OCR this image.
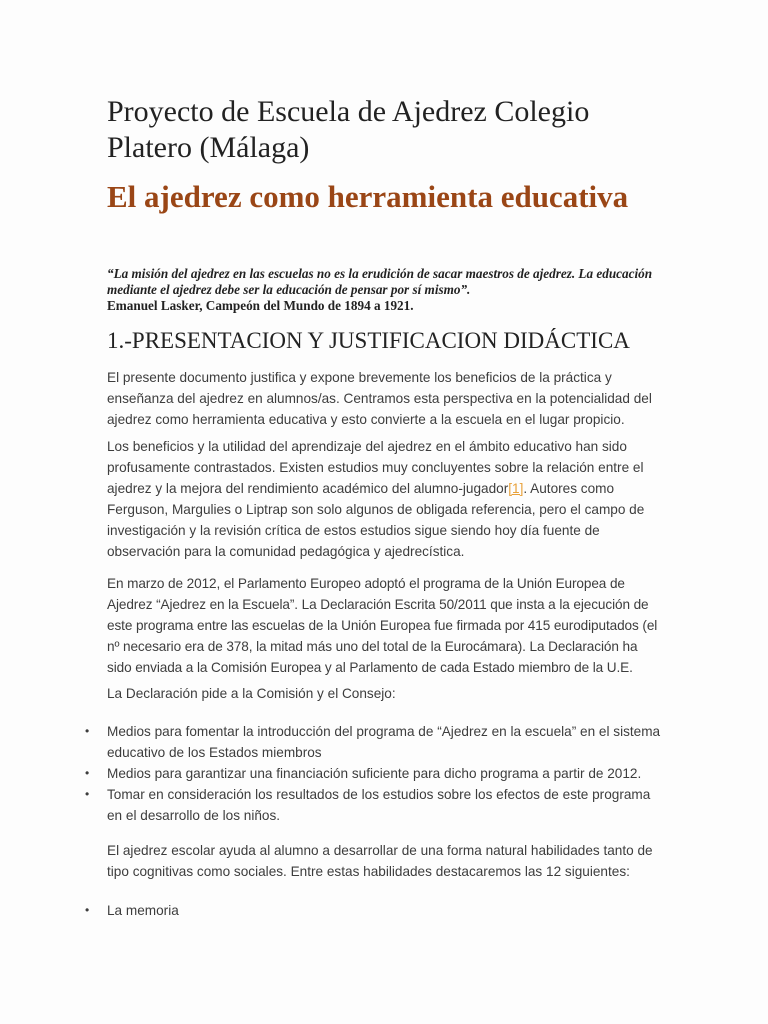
Proyecto de Escuela de Ajedrez Colegio Platero (Málaga)
El ajedrez como herramienta educativa
“La misión del ajedrez en las escuelas no es la erudición de sacar maestros de ajedrez. La educación mediante el ajedrez debe ser la educación de pensar por sí mismo”.
Emanuel Lasker, Campeón del Mundo de 1894 a 1921.
1.-PRESENTACION Y JUSTIFICACION DIDÁCTICA

El presente documento justifica y expone brevemente los beneficios de la práctica y enseñanza del ajedrez en alumnos/as. Centramos esta perspectiva en la potencialidad del ajedrez como herramienta educativa y esto convierte a la escuela en el lugar propicio.

Los beneficios y la utilidad del aprendizaje del ajedrez en el ámbito educativo han sido profusamente contrastados. Existen estudios muy concluyentes sobre la relación entre el ajedrez y la mejora del rendimiento académico del alumno-jugador[1]. Autores como Ferguson, Margulies o Liptrap son solo algunos de obligada referencia, pero el campo de investigación y la revisión crítica de estos estudios sigue siendo hoy día fuente de observación para la comunidad pedagógica y ajedrecística.

En marzo de 2012, el Parlamento Europeo adoptó el programa de la Unión Europea de Ajedrez “Ajedrez en la Escuela”. La Declaración Escrita 50/2011 que insta a la ejecución de este programa entre las escuelas de la Unión Europea fue firmada por 415 eurodiputados (el nº necesario era de 378, la mitad más uno del total de la Eurocámara). La Declaración ha sido enviada a la Comisión Europea y al Parlamento de cada Estado miembro de la U.E.

La Declaración pide a la Comisión y el Consejo:

•	Medios para fomentar la introducción del programa de “Ajedrez en la escuela” en el sistema educativo de los Estados miembros
•	Medios para garantizar una financiación suficiente para dicho programa a partir de 2012.
•	Tomar en consideración los resultados de los estudios sobre los efectos de este programa en el desarrollo de los niños.

El ajedrez escolar ayuda al alumno a desarrollar de una forma natural habilidades tanto de tipo cognitivas como sociales. Entre estas habilidades destacaremos las 12 siguientes:

•	La memoria
